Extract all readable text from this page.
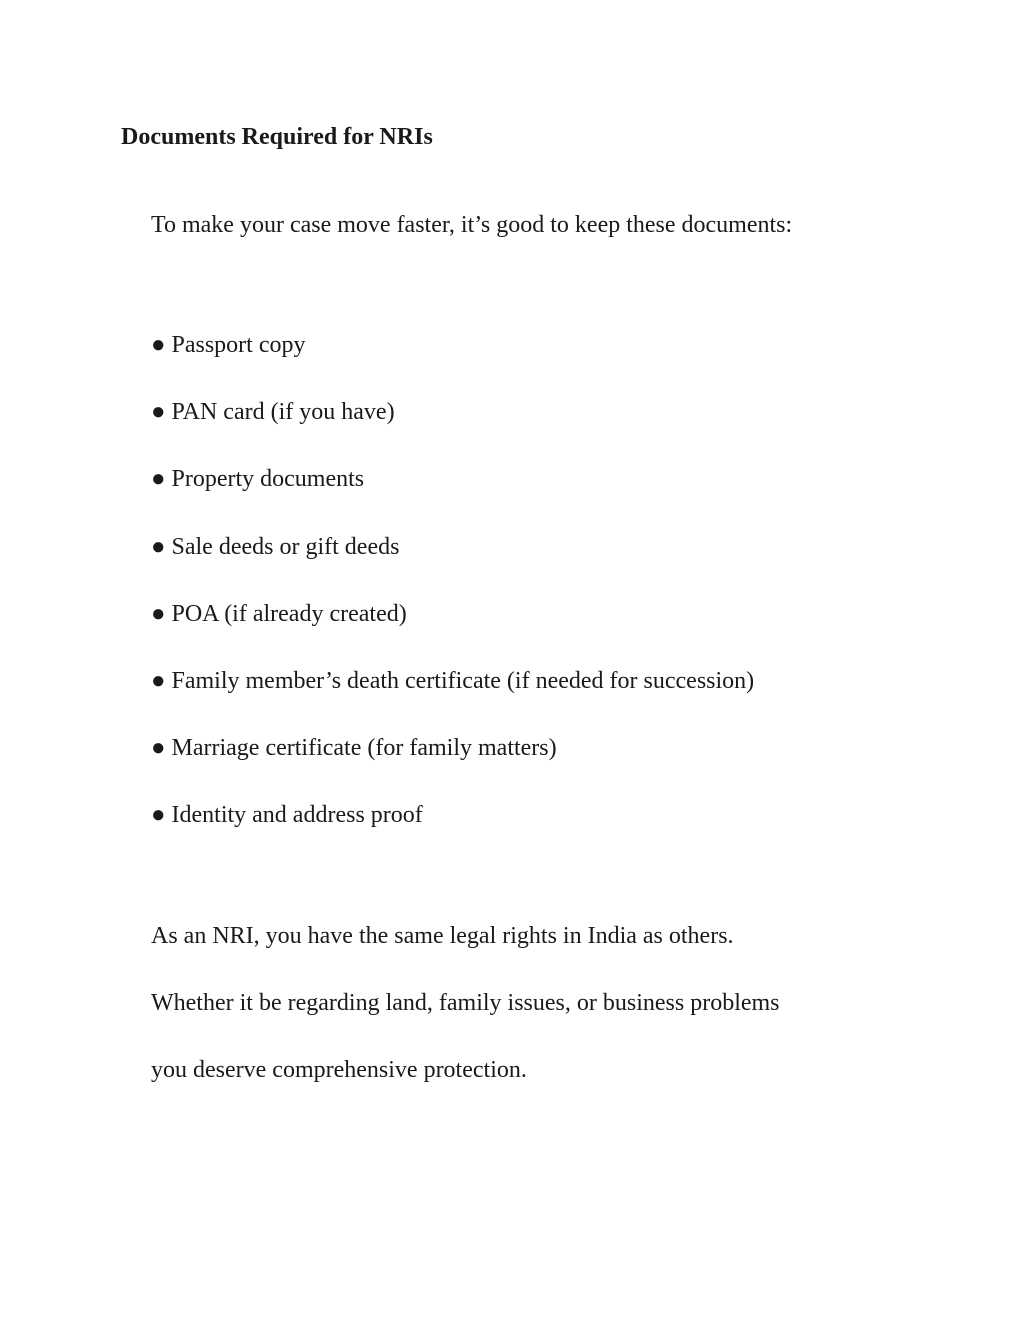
Documents Required for NRIs
To make your case move faster, it’s good to keep these documents:
● Passport copy
● PAN card (if you have)
● Property documents
● Sale deeds or gift deeds
● POA (if already created)
● Family member’s death certificate (if needed for succession)
● Marriage certificate (for family matters)
● Identity and address proof
As an NRI, you have the same legal rights in India as others.
Whether it be regarding land, family issues, or business problems
you deserve comprehensive protection.
